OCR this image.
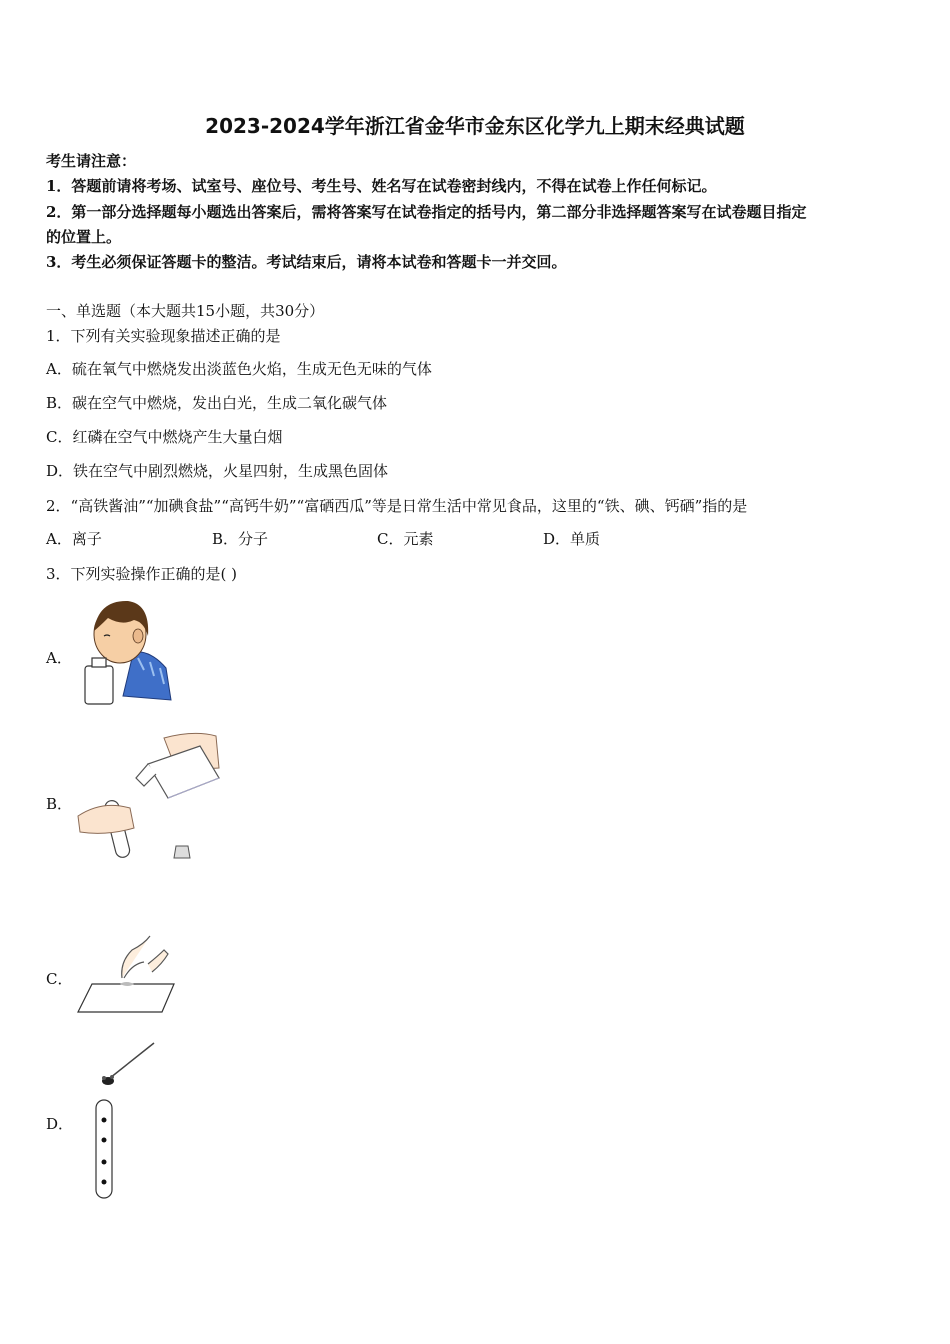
2023-2024学年浙江省金华市金东区化学九上期末经典试题
考生请注意：
1．答题前请将考场、试室号、座位号、考生号、姓名写在试卷密封线内，不得在试卷上作任何标记。
2．第一部分选择题每小题选出答案后，需将答案写在试卷指定的括号内，第二部分非选择题答案写在试卷题目指定
的位置上。
3．考生必须保证答题卡的整洁。考试结束后，请将本试卷和答题卡一并交回。
一、单选题（本大题共15小题，共30分）
1．下列有关实验现象描述正确的是
A．硫在氧气中燃烧发出淡蓝色火焰，生成无色无味的气体
B．碳在空气中燃烧，发出白光，生成二氧化碳气体
C．红磷在空气中燃烧产生大量白烟
D．铁在空气中剧烈燃烧，火星四射，生成黑色固体
2．“高铁酱油”“加碘食盐”“高钙牛奶”“富硒西瓜”等是日常生活中常见食品，这里的“铁、碘、钙硒”指的是
A．离子	B．分子	C．元素	D．单质
3．下列实验操作正确的是( )
A．
B．
C．
D．
